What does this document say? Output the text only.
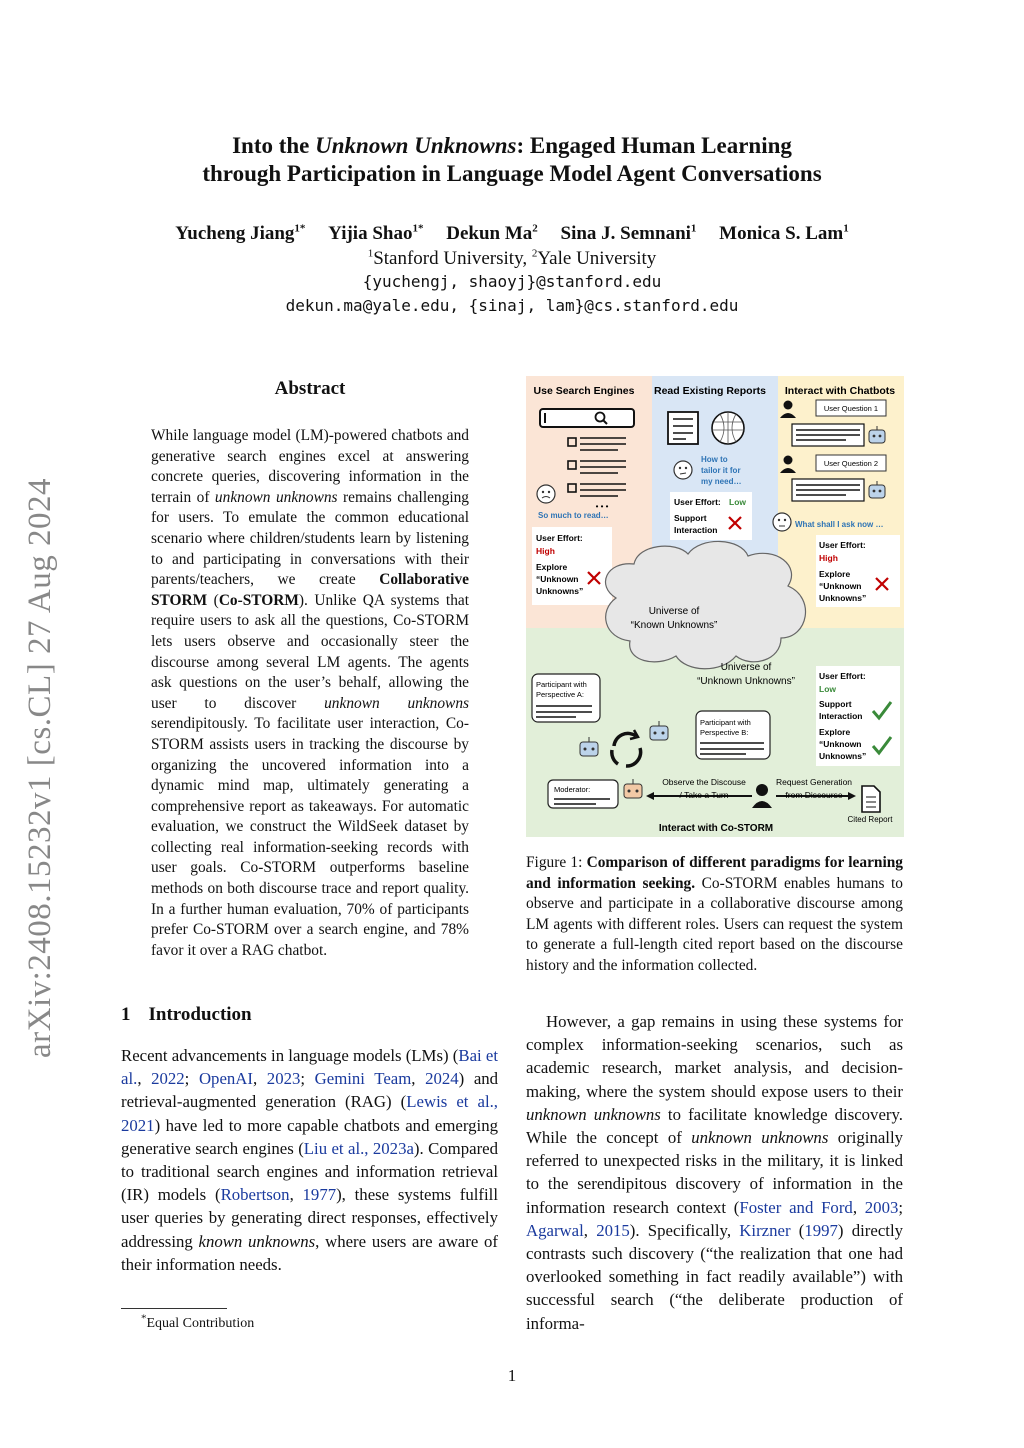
Into the Unknown Unknowns: Engaged Human Learning
through Participation in Language Model Agent Conversations
Yucheng Jiang$^{1*}$ Yijia Shao$^{1*}$ Dekun Ma$^2$ Sina J. Semnani$^1$ Monica S. Lam$^1$
$^1$Stanford University, $^2$Yale University
{yuchengj, shaoyj}@stanford.edu
dekun.ma@yale.edu, {sinaj, lam}@cs.stanford.edu
arXiv:2408.15232v1 [cs.CL] 27 Aug 2024
Abstract
While language model (LM)-powered chatbots and generative search engines excel at answering concrete queries, discovering information in the terrain of unknown unknowns remains challenging for users. To emulate the common educational scenario where children/students learn by listening to and participating in conversations with their parents/teachers, we create Collaborative STORM (Co-STORM). Unlike QA systems that require users to ask all the questions, Co-STORM lets users observe and occasionally steer the discourse among several LM agents. The agents ask questions on the user’s behalf, allowing the user to discover unknown unknowns serendipitously. To facilitate user interaction, Co-STORM assists users in tracking the discourse by organizing the uncovered information into a dynamic mind map, ultimately generating a comprehensive report as takeaways. For automatic evaluation, we construct the WildSeek dataset by collecting real information-seeking records with user goals. Co-STORM outperforms baseline methods on both discourse trace and report quality. In a further human evaluation, 70% of participants prefer Co-STORM over a search engine, and 78% favor it over a RAG chatbot.
1 Introduction
Recent advancements in language models (LMs) (Bai et al., 2022; OpenAI, 2023; Gemini Team, 2024) and retrieval-augmented generation (RAG) (Lewis et al., 2021) have led to more capable chatbots and emerging generative search engines (Liu et al., 2023a). Compared to traditional search engines and information retrieval (IR) models (Robertson, 1977), these systems fulfill user queries by generating direct responses, effectively addressing known unknowns, where users are aware of their information needs.
*Equal Contribution
1
Use Search Engines Read Existing Reports Interact with Chatbots
• • •
So much to read…
How to tailor it for my need…
User Effort: Low
Support Interaction
User Question 1
User Question 2
What shall I ask now …
User Effort:
High
Explore “Unknown Unknowns”
User Effort:
High
Explore “Unknown Unknowns”
Universe of “Known Unknowns”
Universe of “Unknown Unknowns”	User Effort:
Low
Support Interaction
Explore “Unknown Unknowns”
Participant with Perspective A:
Participant with Perspective B:
Moderator:
Observe the Discouse / Take a Turn
Request Generation from Discourse
Cited Report
Interact with Co-STORM
Figure 1: Comparison of different paradigms for learning and information seeking. Co-STORM enables humans to observe and participate in a collaborative discourse among LM agents with different roles. Users can request the system to generate a full-length cited report based on the discourse history and the information collected.
However, a gap remains in using these systems for complex information-seeking scenarios, such as academic research, market analysis, and decision-making, where the system should expose users to their unknown unknowns to facilitate knowledge discovery. While the concept of unknown unknowns originally referred to unexpected risks in the military, it is linked to the serendipitous discovery of information in the information research context (Foster and Ford, 2003; Agarwal, 2015). Specifically, Kirzner (1997) directly contrasts such discovery (“the realization that one had overlooked something in fact readily available”) with successful search (“the deliberate production of informa-
